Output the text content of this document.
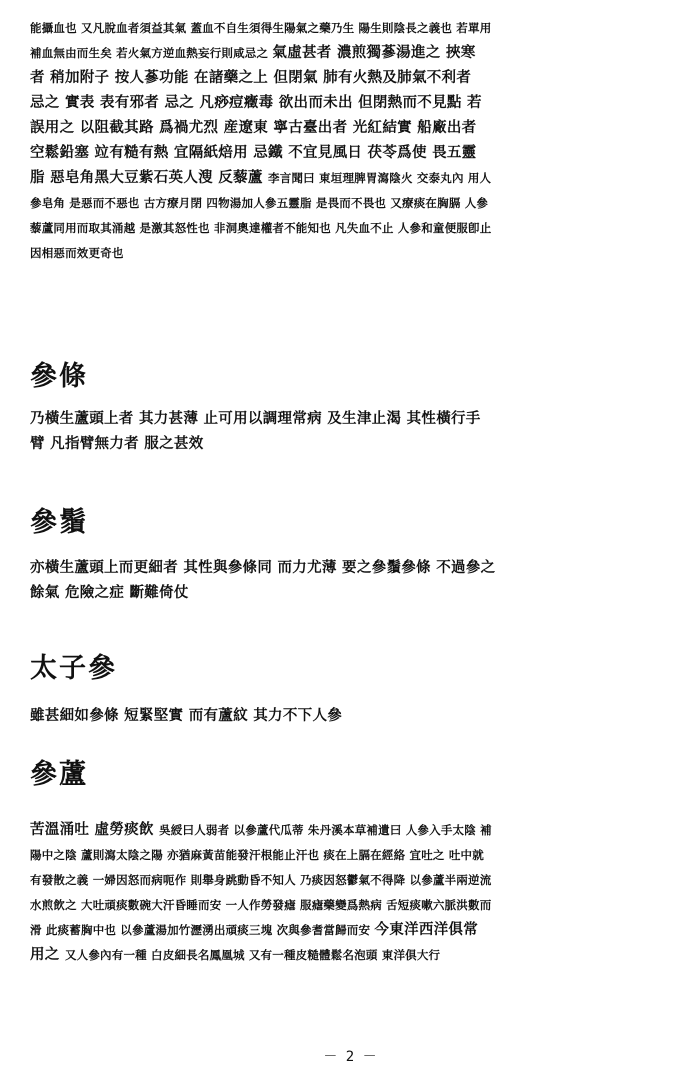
能攝血也 又凡脫血者須益其氣 蓋血不自生須得生陽氣之藥乃生 陽生則陰長之義也 若單用
補血無由而生矣 若火氣方逆血熱妄行則咸忌之 氣虛甚者 濃煎獨蔘湯進之 挾寒
者 稍加附子 按人蔘功能 在諸藥之上 但閉氣 肺有火熱及肺氣不利者
忌之 實表 表有邪者 忌之 凡痧痘癥毒 欲出而未出 但閉熱而不見點 若
誤用之 以阻截其路 爲禍尤烈 産遼東 寧古臺出者 光紅結實 船廠出者
空鬆鉛塞 竝有糙有熱 宜隔紙焙用 忌鐵 不宜見風日 茯苓爲使 畏五靈
脂 惡皂角黑大豆紫石英人溲 反藜蘆 李言聞曰 東垣理脾胃瀉陰火 交泰丸內 用人
參皂角 是惡而不惡也 古方療月閉 四物湯加人參五靈脂 是畏而不畏也 又療痰在胸膈 人參
藜蘆同用而取其涌越 是激其怒性也 非洞奧達權者不能知也 凡失血不止 人參和童便服卽止
因相惡而效更奇也
參條
乃橫生蘆頭上者 其力甚薄 止可用以調理常病 及生津止渴 其性橫行手
臂 凡指臂無力者 服之甚效
參鬚
亦橫生蘆頭上而更細者 其性與參條同 而力尤薄 要之參鬚參條 不過參之
餘氣 危險之症 斷難倚仗
太子參
雖甚細如參條 短緊堅實 而有蘆紋 其力不下人參
參蘆
苦溫涌吐 虛勞痰飲 吳綬曰人弱者 以參蘆代瓜蒂 朱丹溪本草補遺曰 人參入手太陰 補
陽中之陰 蘆則瀉太陰之陽 亦猶麻黃苗能發汗根能止汗也 痰在上膈在經絡 宜吐之 吐中就
有發散之義 一婦因怒而病呃作 則舉身跳動昏不知人 乃痰因怒鬱氣不得降 以參蘆半兩逆流
水煎飲之 大吐頑痰數碗大汗昏睡而安 一人作勞發瘧 服瘧藥變爲熱病 舌短痰嗽六脈洪數而
滑 此痰蓄胸中也 以參蘆湯加竹瀝湧出頑痰三塊 次與參耆當歸而安 今東洋西洋俱常
用之 又人參內有一種 白皮細長名鳳凰城 又有一種皮糙體鬆名泡頭 東洋俱大行
－ 2 －
